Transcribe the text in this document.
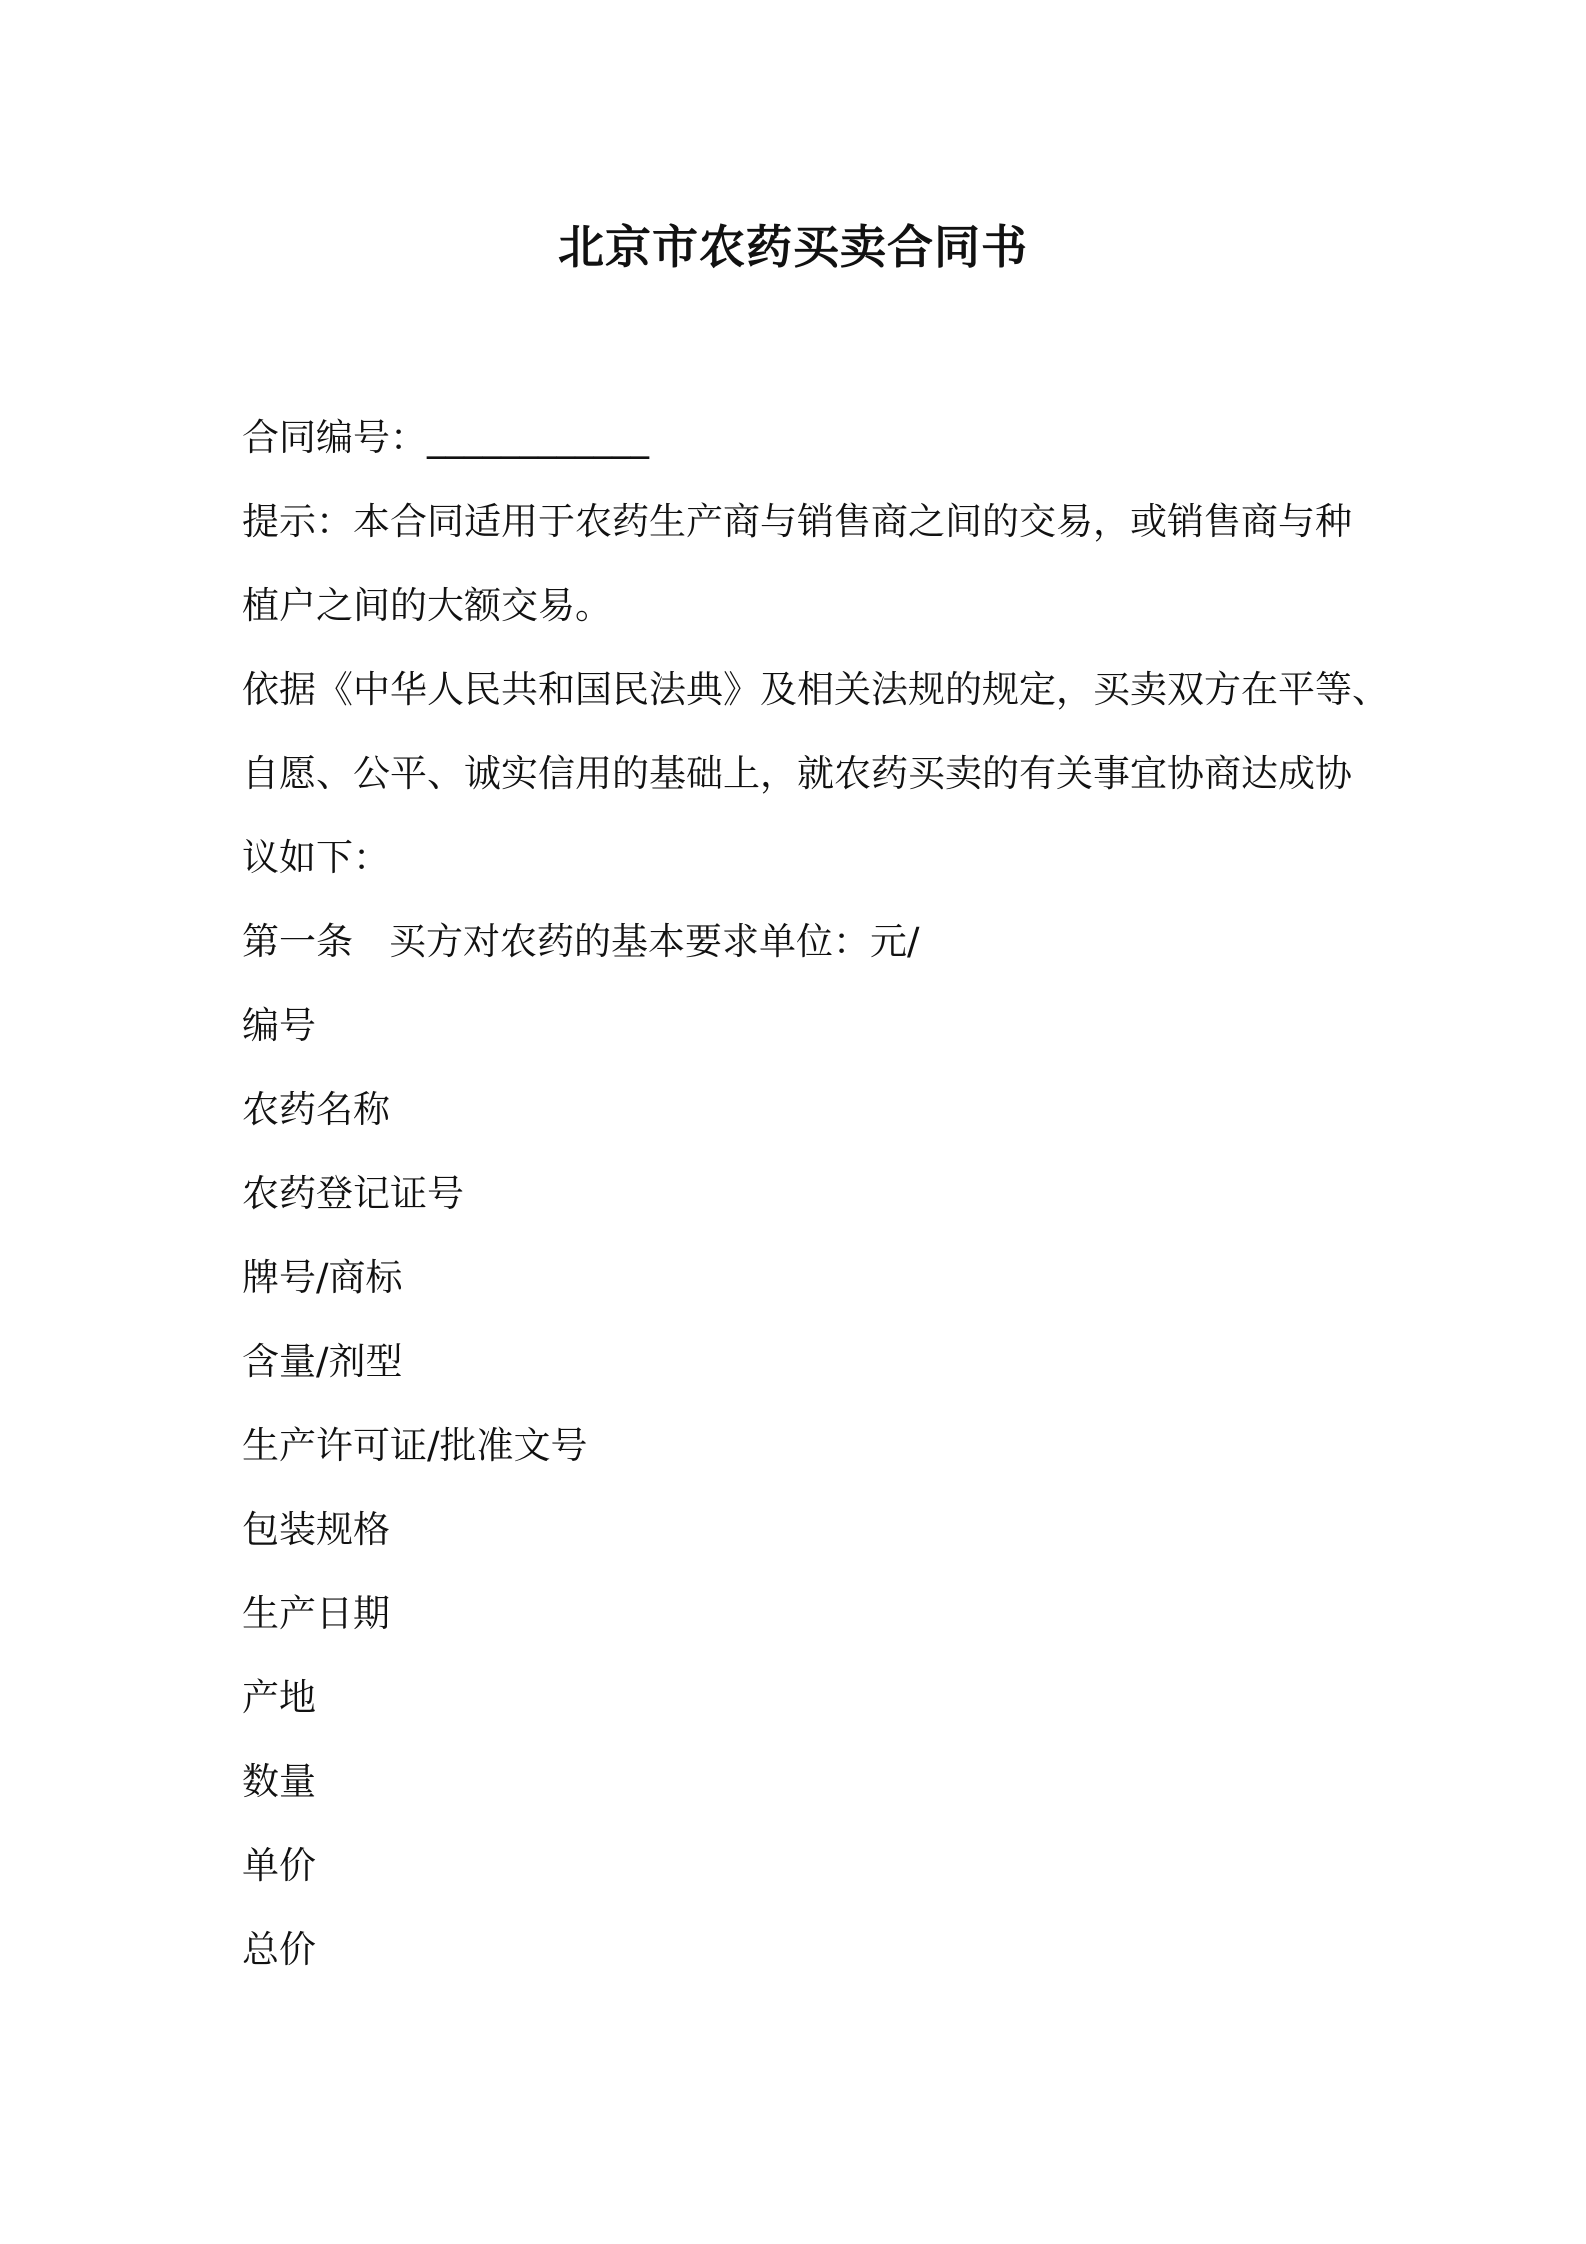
北京市农药买卖合同书

合同编号：____________

提示：本合同适用于农药生产商与销售商之间的交易，或销售商与种

植户之间的大额交易。

依据《中华人民共和国民法典》及相关法规的规定，买卖双方在平等、

自愿、公平、诚实信用的基础上，就农药买卖的有关事宜协商达成协

议如下：

第一条 买方对农药的基本要求单位：元/

编号

农药名称

农药登记证号

牌号/商标

含量/剂型

生产许可证/批准文号

包装规格

生产日期

产地

数量

单价

总价
